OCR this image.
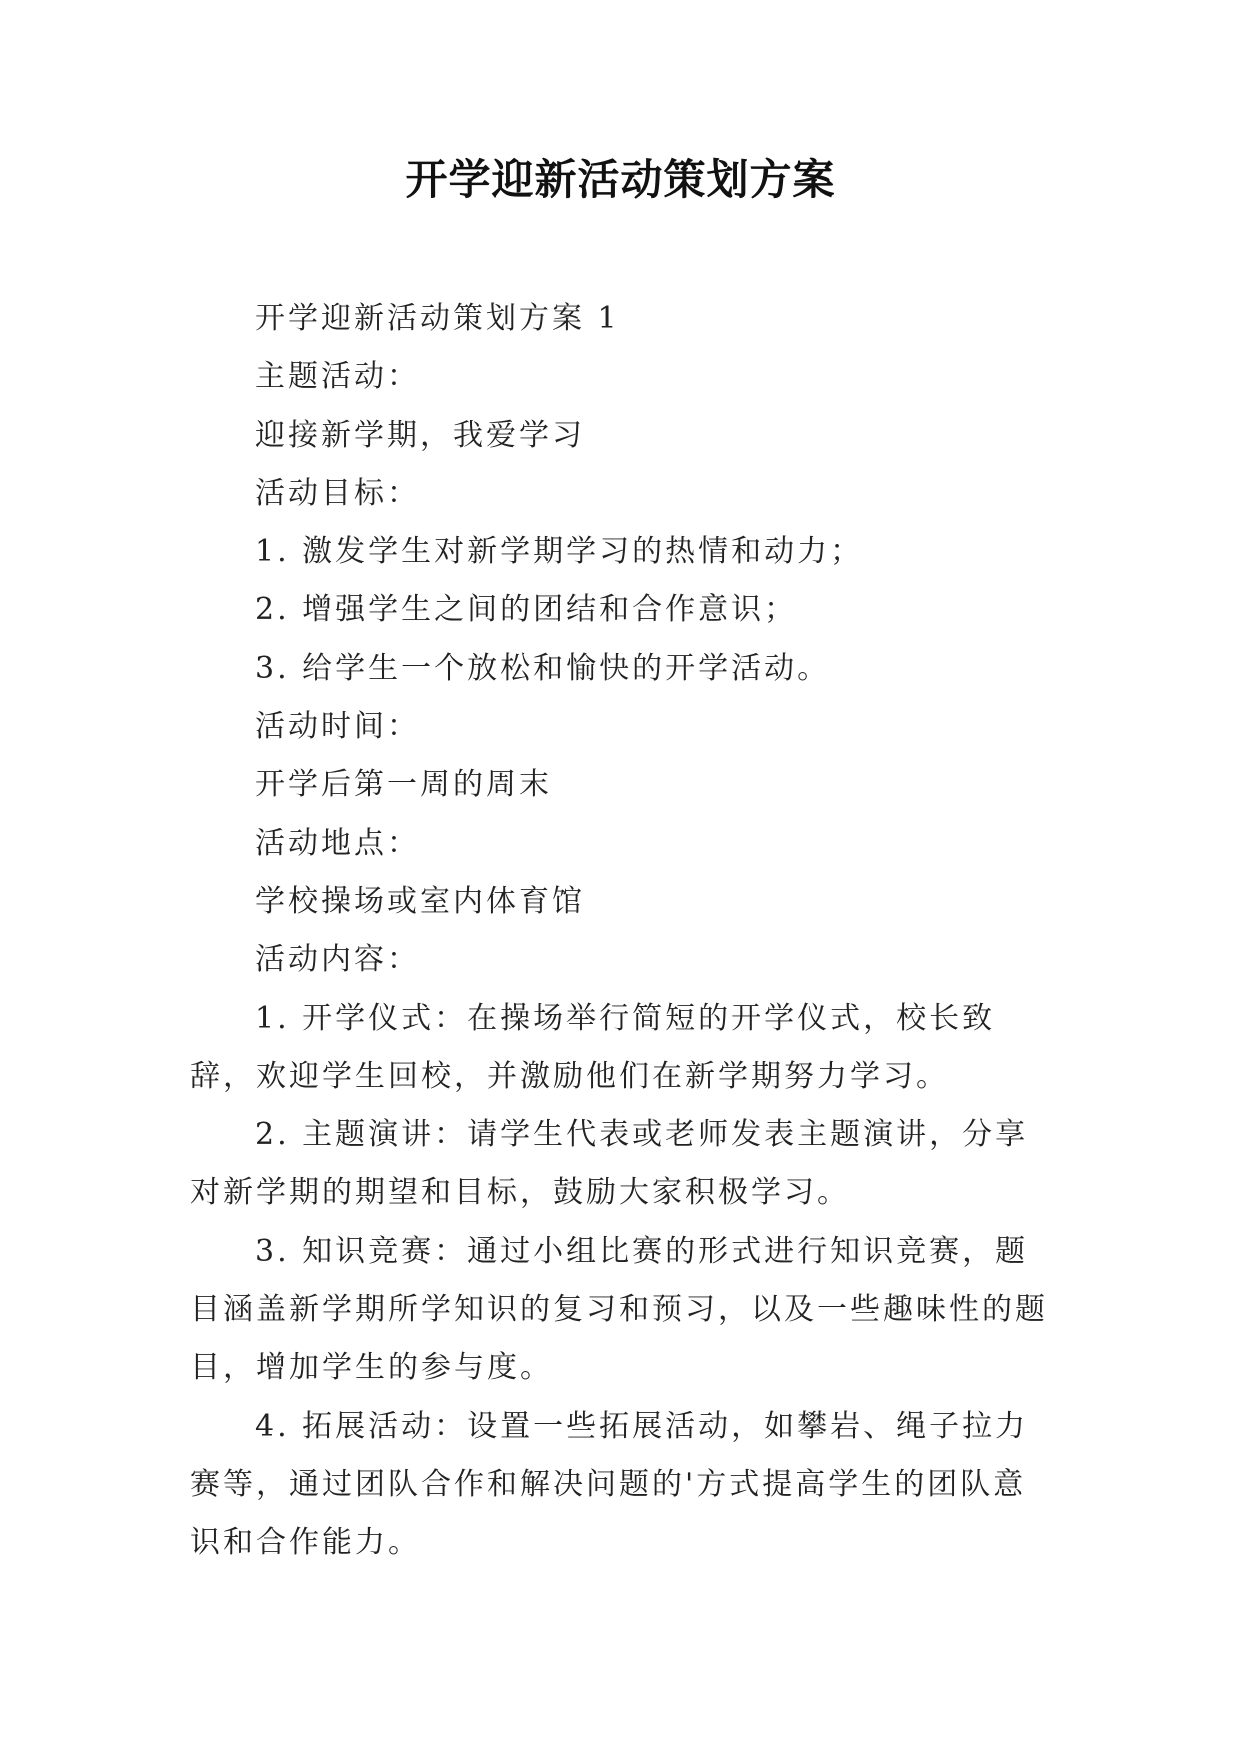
开学迎新活动策划方案

开学迎新活动策划方案 1

主题活动：

迎接新学期，我爱学习

活动目标：

1. 激发学生对新学期学习的热情和动力；

2. 增强学生之间的团结和合作意识；

3. 给学生一个放松和愉快的开学活动。

活动时间：

开学后第一周的周末

活动地点：

学校操场或室内体育馆

活动内容：

1. 开学仪式：在操场举行简短的开学仪式，校长致辞，欢迎学生回校，并激励他们在新学期努力学习。

2. 主题演讲：请学生代表或老师发表主题演讲，分享对新学期的期望和目标，鼓励大家积极学习。

3. 知识竞赛：通过小组比赛的形式进行知识竞赛，题目涵盖新学期所学知识的复习和预习，以及一些趣味性的题目，增加学生的参与度。

4. 拓展活动：设置一些拓展活动，如攀岩、绳子拉力赛等，通过团队合作和解决问题的'方式提高学生的团队意识和合作能力。
